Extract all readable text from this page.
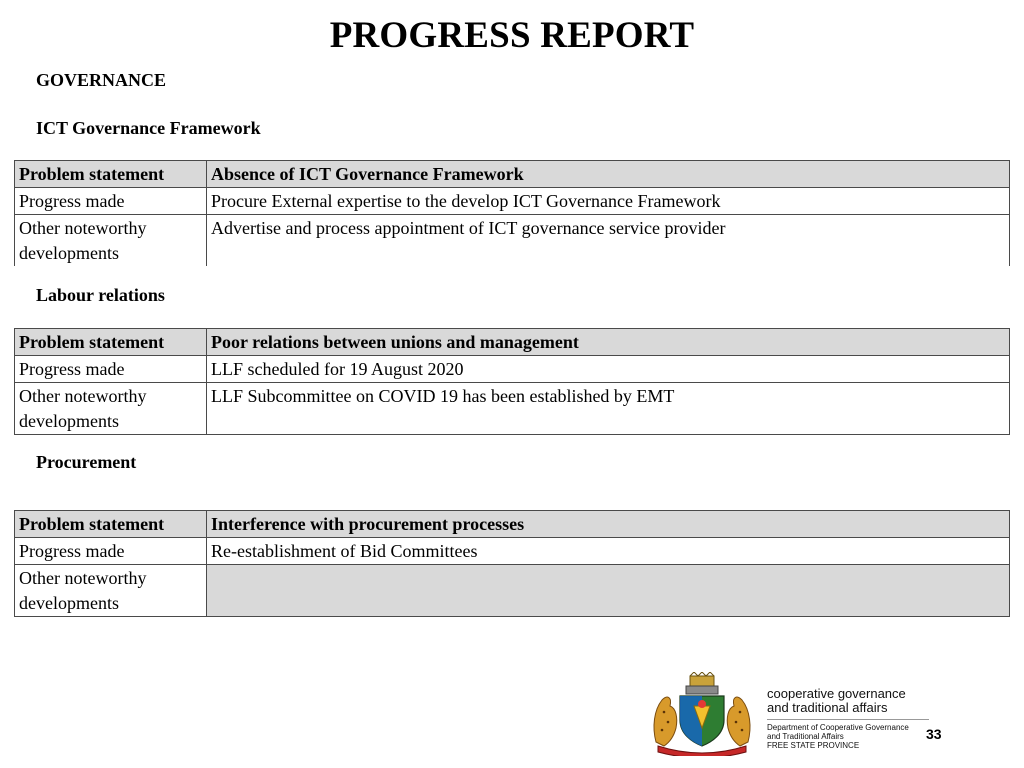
PROGRESS REPORT
GOVERNANCE
ICT Governance Framework
Problem statement	Absence of ICT Governance Framework
Progress made	Procure External expertise to the develop ICT Governance Framework
Other noteworthy developments	Advertise and process appointment of ICT governance service provider
Labour relations
Problem statement	Poor relations between unions and management
Progress made	LLF scheduled for 19 August 2020
Other noteworthy developments	LLF Subcommittee on COVID 19 has been established by EMT
Procurement
Problem statement	Interference with procurement processes
Progress made	Re-establishment of Bid Committees
Other noteworthy developments	
cooperative governance
and traditional affairs
Department of Cooperative Governance
and Traditional Affairs
FREE STATE PROVINCE
33
